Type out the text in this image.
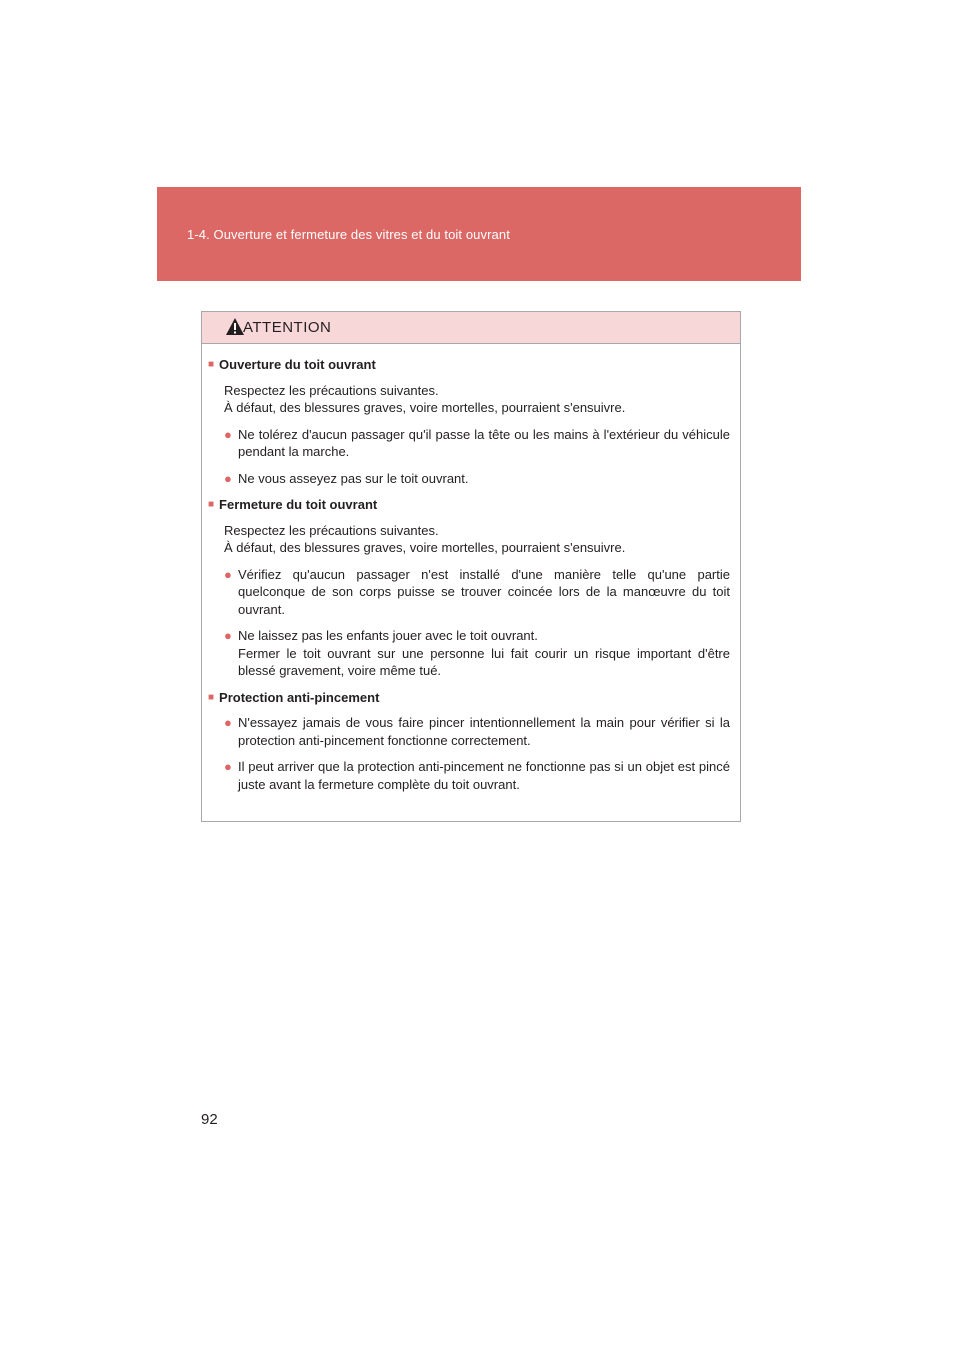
1-4. Ouverture et fermeture des vitres et du toit ouvrant
ATTENTION
■ Ouverture du toit ouvrant
Respectez les précautions suivantes.
À défaut, des blessures graves, voire mortelles, pourraient s'ensuivre.
● Ne tolérez d'aucun passager qu'il passe la tête ou les mains à l'extérieur du véhicule pendant la marche.
● Ne vous asseyez pas sur le toit ouvrant.
■ Fermeture du toit ouvrant
Respectez les précautions suivantes.
À défaut, des blessures graves, voire mortelles, pourraient s'ensuivre.
● Vérifiez qu'aucun passager n'est installé d'une manière telle qu'une partie quelconque de son corps puisse se trouver coincée lors de la manœuvre du toit ouvrant.
● Ne laissez pas les enfants jouer avec le toit ouvrant.
Fermer le toit ouvrant sur une personne lui fait courir un risque important d'être blessé gravement, voire même tué.
■ Protection anti-pincement
● N'essayez jamais de vous faire pincer intentionnellement la main pour vérifier si la protection anti-pincement fonctionne correctement.
● Il peut arriver que la protection anti-pincement ne fonctionne pas si un objet est pincé juste avant la fermeture complète du toit ouvrant.
92
